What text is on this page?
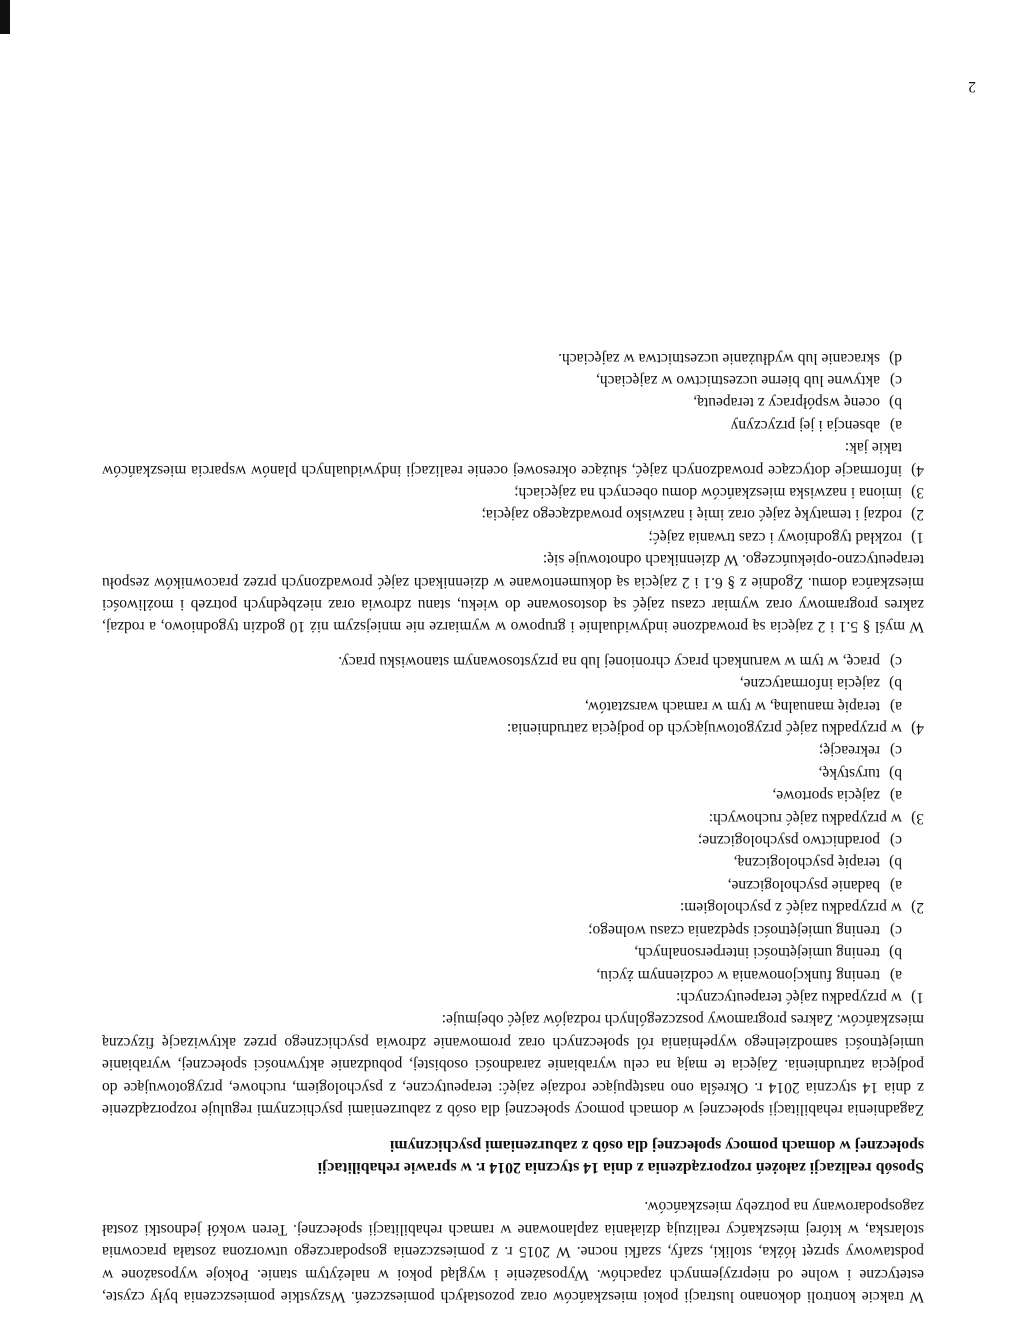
W trakcie kontroli dokonano lustracji pokoi mieszkańców oraz pozostałych pomieszczeń. Wszystkie pomieszczenia były czyste, estetyczne i wolne od nieprzyjemnych zapachów. Wyposażenie i wygląd pokoi w należytym stanie. Pokoje wyposażone w podstawowy sprzęt łóżka, stoliki, szafy, szafki nocne. W 2015 r. z pomieszczenia gospodarczego utworzona została pracownia stolarska, w której mieszkańcy realizują działania zaplanowane w ramach rehabilitacji społecznej. Teren wokół jednostki został zagospodarowany na potrzeby mieszkańców.

Sposób realizacji założeń rozporządzenia z dnia 14 stycznia 2014 r. w sprawie rehabilitacji
społecznej w domach pomocy społecznej dla osób z zaburzeniami psychicznymi

Zagadnienia rehabilitacji społecznej w domach pomocy społecznej dla osób z zaburzeniami psychicznymi reguluje rozporządzenie z dnia 14 stycznia 2014 r. Określa ono następujące rodzaje zajęć: terapeutyczne, z psychologiem, ruchowe, przygotowujące do podjęcia zatrudnienia. Zajęcia te mają na celu wyrabianie zaradności osobistej, pobudzanie aktywności społecznej, wyrabianie umiejętności samodzielnego wypełniania ról społecznych oraz promowanie zdrowia psychicznego przez aktywizację fizyczną mieszkańców. Zakres programowy poszczególnych rodzajów zajęć obejmuje:

1)
w przypadku zajęć terapeutycznych:
a)
trening funkcjonowania w codziennym życiu,
b)
trening umiejętności interpersonalnych,
c)
trening umiejętności spędzania czasu wolnego;
2)
w przypadku zajęć z psychologiem:
a)
badanie psychologiczne,
b)
terapię psychologiczną,
c)
poradnictwo psychologiczne;
3)
w przypadku zajęć ruchowych:
a)
zajęcia sportowe,
b)
turystykę,
c)
rekreację;
4)
w przypadku zajęć przygotowujących do podjęcia zatrudnienia:
a)
terapię manualną, w tym w ramach warsztatów,
b)
zajęcia informatyczne,
c)
pracę, w tym w warunkach pracy chronionej lub na przystosowanym stanowisku pracy.

W myśl § 5.1 i 2 zajęcia są prowadzone indywidualnie i grupowo w wymiarze nie mniejszym niż 10 godzin tygodniowo, a rodzaj, zakres programowy oraz wymiar czasu zajęć są dostosowane do wieku, stanu zdrowia oraz niezbędnych potrzeb i możliwości mieszkańca domu. Zgodnie z § 6.1 i 2 zajęcia są dokumentowane w dziennikach zajęć prowadzonych przez pracowników zespołu terapeutyczno-opiekuńczego. W dziennikach odnotowuje się:

1)
rozkład tygodniowy i czas trwania zajęć;
2)
rodzaj i tematykę zajęć oraz imię i nazwisko prowadzącego zajęcia;
3)
imiona i nazwiska mieszkańców domu obecnych na zajęciach;
4)
informacje dotyczące prowadzonych zajęć, służące okresowej ocenie realizacji indywidualnych planów wsparcia mieszkańców takie jak:
a)
absencja i jej przyczyny
b)
ocenę współpracy z terapeutą,
c)
aktywne lub bierne uczestnictwo w zajęciach,
d)
skracanie lub wydłużanie uczestnictwa w zajęciach.
2
